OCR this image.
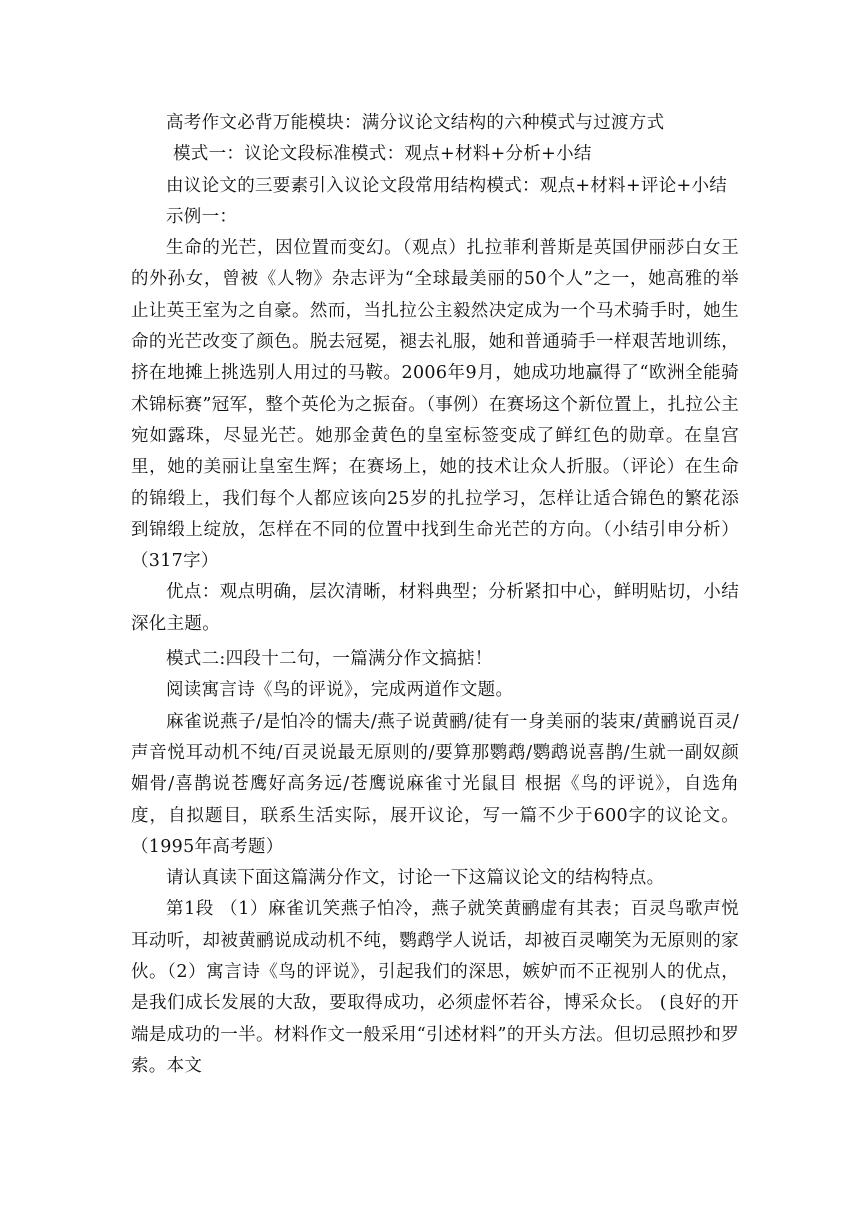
高考作文必背万能模块：满分议论文结构的六种模式与过渡方式

模式一：议论文段标准模式：观点+材料+分析+小结

由议论文的三要素引入议论文段常用结构模式：观点+材料+评论+小结

示例一：

生命的光芒，因位置而变幻。（观点）扎拉菲利普斯是英国伊丽莎白女王的外孙女，曾被《人物》杂志评为“全球最美丽的50个人”之一，她高雅的举止让英王室为之自豪。然而，当扎拉公主毅然决定成为一个马术骑手时，她生命的光芒改变了颜色。脱去冠冕，褪去礼服，她和普通骑手一样艰苦地训练，挤在地摊上挑选别人用过的马鞍。2006年9月，她成功地赢得了“欧洲全能骑术锦标赛”冠军，整个英伦为之振奋。（事例）在赛场这个新位置上，扎拉公主宛如露珠，尽显光芒。她那金黄色的皇室标签变成了鲜红色的勋章。在皇宫里，她的美丽让皇室生辉；在赛场上，她的技术让众人折服。（评论）在生命的锦缎上，我们每个人都应该向25岁的扎拉学习，怎样让适合锦色的繁花添到锦缎上绽放，怎样在不同的位置中找到生命光芒的方向。（小结引申分析）（317字）

优点：观点明确，层次清晰，材料典型；分析紧扣中心，鲜明贴切，小结深化主题。

模式二:四段十二句，一篇满分作文搞掂！

阅读寓言诗《鸟的评说》，完成两道作文题。

麻雀说燕子/是怕冷的懦夫/燕子说黄鹂/徒有一身美丽的装束/黄鹂说百灵/声音悦耳动机不纯/百灵说最无原则的/要算那鹦鹉/鹦鹉说喜鹊/生就一副奴颜媚骨/喜鹊说苍鹰好高务远/苍鹰说麻雀寸光鼠目 根据《鸟的评说》，自选角度，自拟题目，联系生活实际，展开议论，写一篇不少于600字的议论文。（1995年高考题）

请认真读下面这篇满分作文，讨论一下这篇议论文的结构特点。

第1段 （1）麻雀讥笑燕子怕冷，燕子就笑黄鹂虚有其表；百灵鸟歌声悦耳动听，却被黄鹂说成动机不纯，鹦鹉学人说话，却被百灵嘲笑为无原则的家伙。（2）寓言诗《鸟的评说》，引起我们的深思，嫉妒而不正视别人的优点，是我们成长发展的大敌，要取得成功，必须虚怀若谷，博采众长。 (良好的开端是成功的一半。材料作文一般采用“引述材料”的开头方法。但切忌照抄和罗索。本文
